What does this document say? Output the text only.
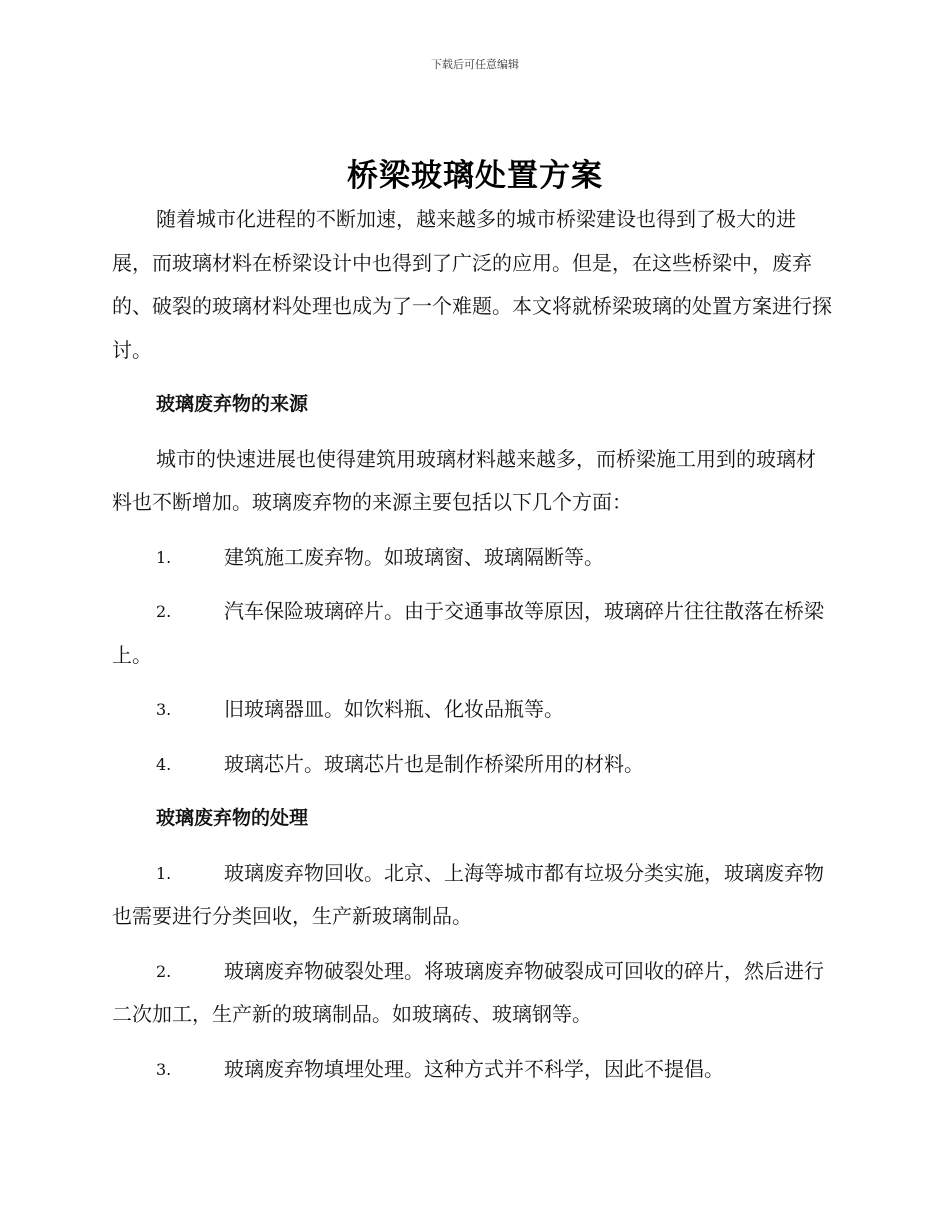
下载后可任意编辑
桥梁玻璃处置方案

随着城市化进程的不断加速，越来越多的城市桥梁建设也得到了极大的进展，而玻璃材料在桥梁设计中也得到了广泛的应用。但是，在这些桥梁中，废弃的、破裂的玻璃材料处理也成为了一个难题。本文将就桥梁玻璃的处置方案进行探讨。

玻璃废弃物的来源

城市的快速进展也使得建筑用玻璃材料越来越多，而桥梁施工用到的玻璃材料也不断增加。玻璃废弃物的来源主要包括以下几个方面：

1.	建筑施工废弃物。如玻璃窗、玻璃隔断等。

2.	汽车保险玻璃碎片。由于交通事故等原因，玻璃碎片往往散落在桥梁上。

3.	旧玻璃器皿。如饮料瓶、化妆品瓶等。

4.	玻璃芯片。玻璃芯片也是制作桥梁所用的材料。

玻璃废弃物的处理

1.	玻璃废弃物回收。北京、上海等城市都有垃圾分类实施，玻璃废弃物也需要进行分类回收，生产新玻璃制品。

2.	玻璃废弃物破裂处理。将玻璃废弃物破裂成可回收的碎片，然后进行二次加工，生产新的玻璃制品。如玻璃砖、玻璃钢等。

3.	玻璃废弃物填埋处理。这种方式并不科学，因此不提倡。
